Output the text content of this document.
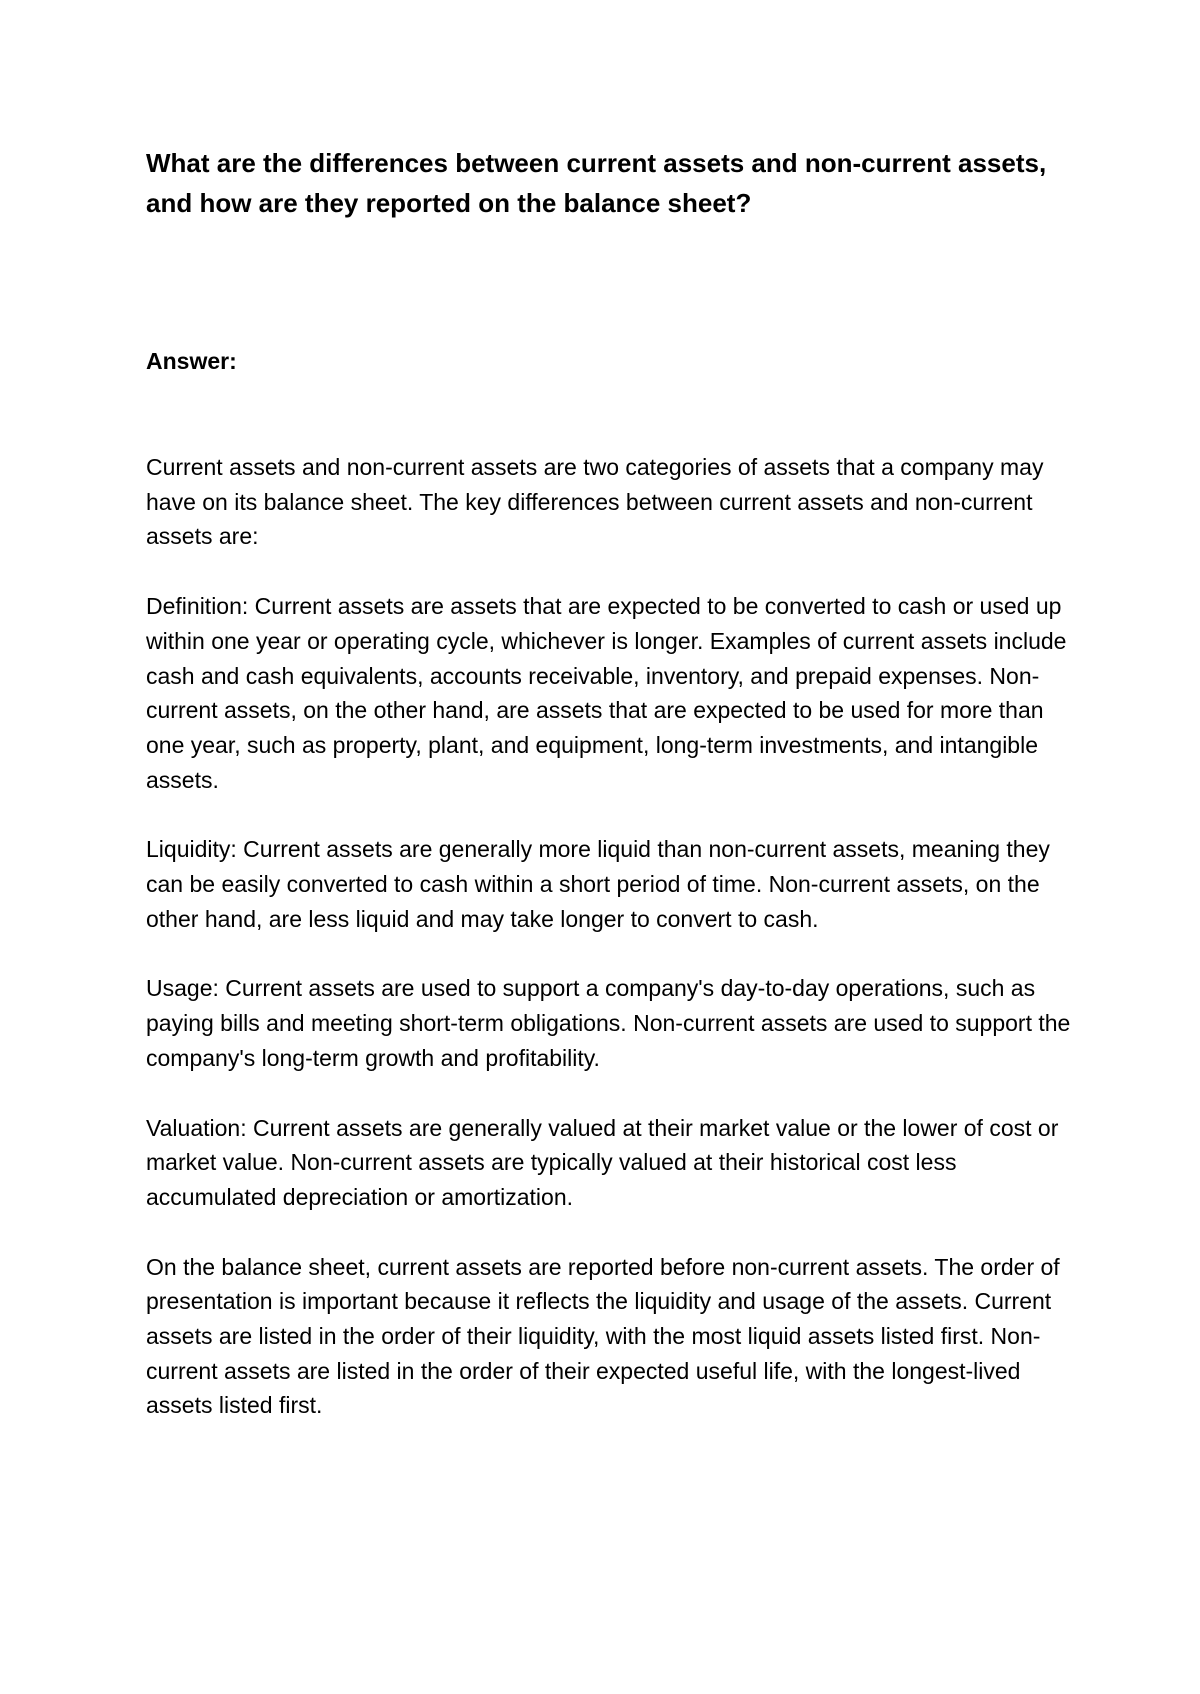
What are the differences between current assets and non-current assets, and how are they reported on the balance sheet?

Answer:

Current assets and non-current assets are two categories of assets that a company may have on its balance sheet. The key differences between current assets and non-current assets are:

Definition: Current assets are assets that are expected to be converted to cash or used up within one year or operating cycle, whichever is longer. Examples of current assets include cash and cash equivalents, accounts receivable, inventory, and prepaid expenses. Non-current assets, on the other hand, are assets that are expected to be used for more than one year, such as property, plant, and equipment, long-term investments, and intangible assets.

Liquidity: Current assets are generally more liquid than non-current assets, meaning they can be easily converted to cash within a short period of time. Non-current assets, on the other hand, are less liquid and may take longer to convert to cash.

Usage: Current assets are used to support a company's day-to-day operations, such as paying bills and meeting short-term obligations. Non-current assets are used to support the company's long-term growth and profitability.

Valuation: Current assets are generally valued at their market value or the lower of cost or market value. Non-current assets are typically valued at their historical cost less accumulated depreciation or amortization.

On the balance sheet, current assets are reported before non-current assets. The order of presentation is important because it reflects the liquidity and usage of the assets. Current assets are listed in the order of their liquidity, with the most liquid assets listed first. Non-current assets are listed in the order of their expected useful life, with the longest-lived assets listed first.
